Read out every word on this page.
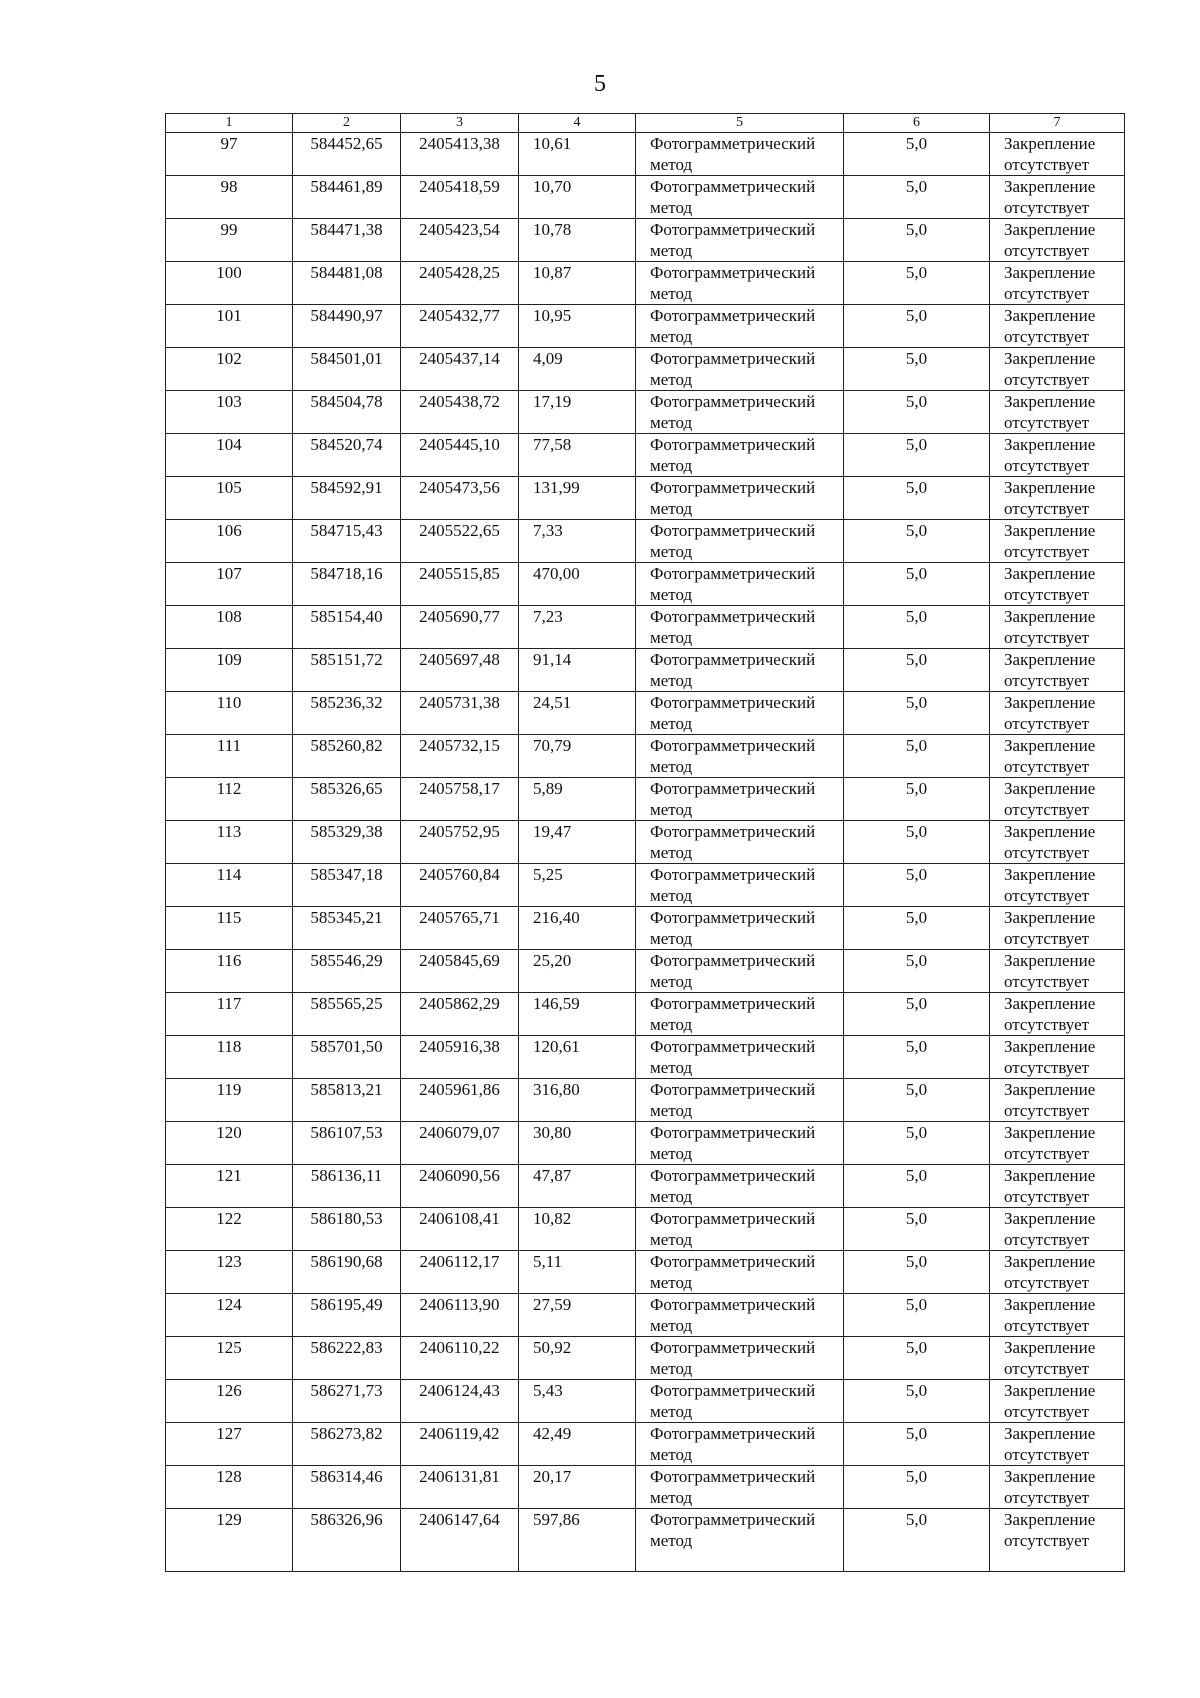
5
1	2	3	4	5	6	7
97	584452,65	2405413,38	10,61	Фотограмметрический метод	5,0	Закрепление отсутствует
98	584461,89	2405418,59	10,70	Фотограмметрический метод	5,0	Закрепление отсутствует
99	584471,38	2405423,54	10,78	Фотограмметрический метод	5,0	Закрепление отсутствует
100	584481,08	2405428,25	10,87	Фотограмметрический метод	5,0	Закрепление отсутствует
101	584490,97	2405432,77	10,95	Фотограмметрический метод	5,0	Закрепление отсутствует
102	584501,01	2405437,14	4,09	Фотограмметрический метод	5,0	Закрепление отсутствует
103	584504,78	2405438,72	17,19	Фотограмметрический метод	5,0	Закрепление отсутствует
104	584520,74	2405445,10	77,58	Фотограмметрический метод	5,0	Закрепление отсутствует
105	584592,91	2405473,56	131,99	Фотограмметрический метод	5,0	Закрепление отсутствует
106	584715,43	2405522,65	7,33	Фотограмметрический метод	5,0	Закрепление отсутствует
107	584718,16	2405515,85	470,00	Фотограмметрический метод	5,0	Закрепление отсутствует
108	585154,40	2405690,77	7,23	Фотограмметрический метод	5,0	Закрепление отсутствует
109	585151,72	2405697,48	91,14	Фотограмметрический метод	5,0	Закрепление отсутствует
110	585236,32	2405731,38	24,51	Фотограмметрический метод	5,0	Закрепление отсутствует
111	585260,82	2405732,15	70,79	Фотограмметрический метод	5,0	Закрепление отсутствует
112	585326,65	2405758,17	5,89	Фотограмметрический метод	5,0	Закрепление отсутствует
113	585329,38	2405752,95	19,47	Фотограмметрический метод	5,0	Закрепление отсутствует
114	585347,18	2405760,84	5,25	Фотограмметрический метод	5,0	Закрепление отсутствует
115	585345,21	2405765,71	216,40	Фотограмметрический метод	5,0	Закрепление отсутствует
116	585546,29	2405845,69	25,20	Фотограмметрический метод	5,0	Закрепление отсутствует
117	585565,25	2405862,29	146,59	Фотограмметрический метод	5,0	Закрепление отсутствует
118	585701,50	2405916,38	120,61	Фотограмметрический метод	5,0	Закрепление отсутствует
119	585813,21	2405961,86	316,80	Фотограмметрический метод	5,0	Закрепление отсутствует
120	586107,53	2406079,07	30,80	Фотограмметрический метод	5,0	Закрепление отсутствует
121	586136,11	2406090,56	47,87	Фотограмметрический метод	5,0	Закрепление отсутствует
122	586180,53	2406108,41	10,82	Фотограмметрический метод	5,0	Закрепление отсутствует
123	586190,68	2406112,17	5,11	Фотограмметрический метод	5,0	Закрепление отсутствует
124	586195,49	2406113,90	27,59	Фотограмметрический метод	5,0	Закрепление отсутствует
125	586222,83	2406110,22	50,92	Фотограмметрический метод	5,0	Закрепление отсутствует
126	586271,73	2406124,43	5,43	Фотограмметрический метод	5,0	Закрепление отсутствует
127	586273,82	2406119,42	42,49	Фотограмметрический метод	5,0	Закрепление отсутствует
128	586314,46	2406131,81	20,17	Фотограмметрический метод	5,0	Закрепление отсутствует
129	586326,96	2406147,64	597,86	Фотограмметрический метод	5,0	Закрепление отсутствует
